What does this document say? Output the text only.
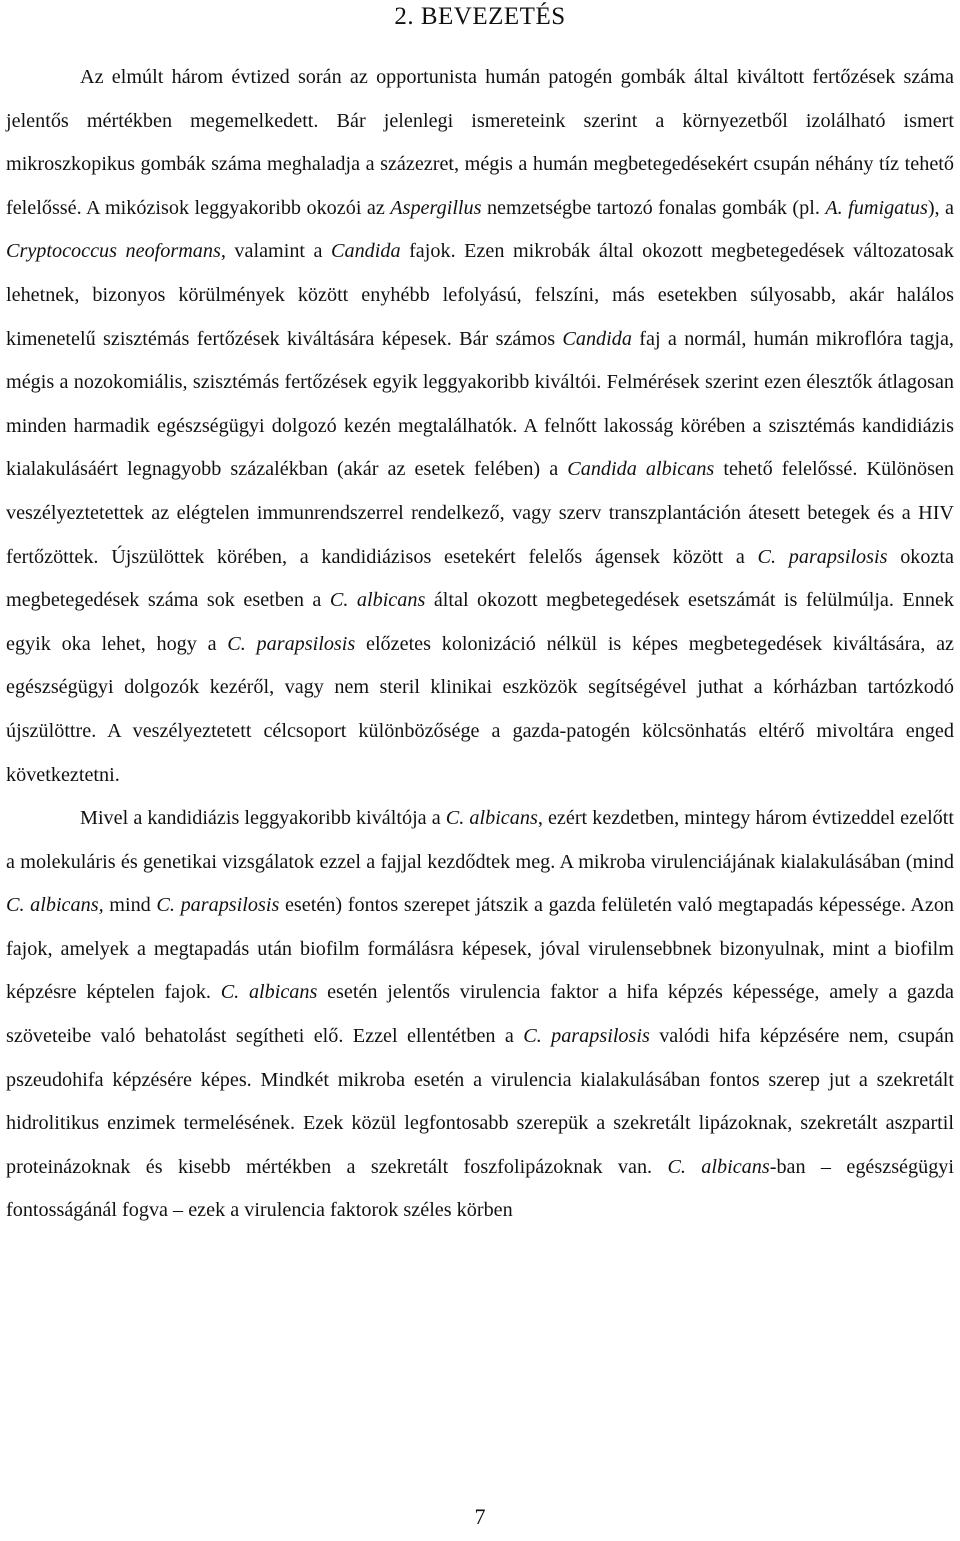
2. BEVEZETÉS

Az elmúlt három évtized során az opportunista humán patogén gombák által kiváltott fertőzések száma jelentős mértékben megemelkedett. Bár jelenlegi ismereteink szerint a környezetből izolálható ismert mikroszkopikus gombák száma meghaladja a százezret, mégis a humán megbetegedésekért csupán néhány tíz tehető felelőssé. A mikózisok leggyakoribb okozói az Aspergillus nemzetségbe tartozó fonalas gombák (pl. A. fumigatus), a Cryptococcus neoformans, valamint a Candida fajok. Ezen mikrobák által okozott megbetegedések változatosak lehetnek, bizonyos körülmények között enyhébb lefolyású, felszíni, más esetekben súlyosabb, akár halálos kimenetelű szisztémás fertőzések kiváltására képesek. Bár számos Candida faj a normál, humán mikroflóra tagja, mégis a nozokomiális, szisztémás fertőzések egyik leggyakoribb kiváltói. Felmérések szerint ezen élesztők átlagosan minden harmadik egészségügyi dolgozó kezén megtalálhatók. A felnőtt lakosság körében a szisztémás kandidiázis kialakulásáért legnagyobb százalékban (akár az esetek felében) a Candida albicans tehető felelőssé. Különösen veszélyeztetettek az elégtelen immunrendszerrel rendelkező, vagy szerv transzplantáción átesett betegek és a HIV fertőzöttek. Újszülöttek körében, a kandidiázisos esetekért felelős ágensek között a C. parapsilosis okozta megbetegedések száma sok esetben a C. albicans által okozott megbetegedések esetszámát is felülmúlja. Ennek egyik oka lehet, hogy a C. parapsilosis előzetes kolonizáció nélkül is képes megbetegedések kiváltására, az egészségügyi dolgozók kezéről, vagy nem steril klinikai eszközök segítségével juthat a kórházban tartózkodó újszülöttre. A veszélyeztetett célcsoport különbözősége a gazda-patogén kölcsönhatás eltérő mivoltára enged következtetni.

Mivel a kandidiázis leggyakoribb kiváltója a C. albicans, ezért kezdetben, mintegy három évtizeddel ezelőtt a molekuláris és genetikai vizsgálatok ezzel a fajjal kezdődtek meg. A mikroba virulenciájának kialakulásában (mind C. albicans, mind C. parapsilosis esetén) fontos szerepet játszik a gazda felületén való megtapadás képessége. Azon fajok, amelyek a megtapadás után biofilm formálásra képesek, jóval virulensebbnek bizonyulnak, mint a biofilm képzésre képtelen fajok. C. albicans esetén jelentős virulencia faktor a hifa képzés képessége, amely a gazda szöveteibe való behatolást segítheti elő. Ezzel ellentétben a C. parapsilosis valódi hifa képzésére nem, csupán pszeudohifa képzésére képes. Mindkét mikroba esetén a virulencia kialakulásában fontos szerep jut a szekretált hidrolitikus enzimek termelésének. Ezek közül legfontosabb szerepük a szekretált lipázoknak, szekretált aszpartil proteinázoknak és kisebb mértékben a szekretált foszfolipázoknak van. C. albicans-ban – egészségügyi fontosságánál fogva – ezek a virulencia faktorok széles körben

7
